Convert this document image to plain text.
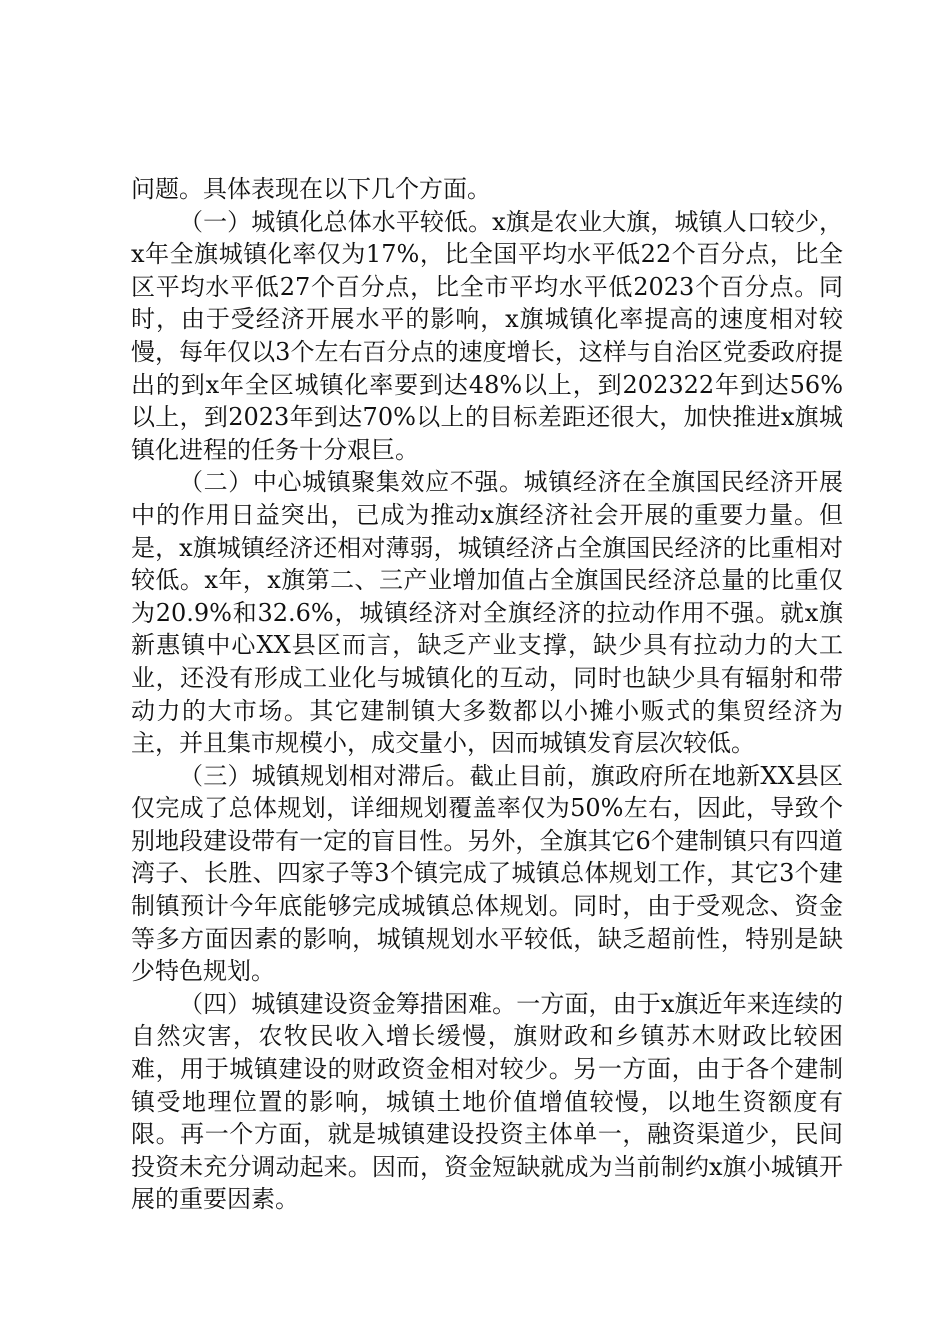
问题。具体表现在以下几个方面。

（一）城镇化总体水平较低。x旗是农业大旗，城镇人口较少，x年全旗城镇化率仅为17%，比全国平均水平低22个百分点，比全区平均水平低27个百分点，比全市平均水平低2023个百分点。同时，由于受经济开展水平的影响，x旗城镇化率提高的速度相对较慢，每年仅以3个左右百分点的速度增长，这样与自治区党委政府提出的到x年全区城镇化率要到达48%以上，到202322年到达56%以上，到2023年到达70%以上的目标差距还很大，加快推进x旗城镇化进程的任务十分艰巨。

（二）中心城镇聚集效应不强。城镇经济在全旗国民经济开展中的作用日益突出，已成为推动x旗经济社会开展的重要力量。但是，x旗城镇经济还相对薄弱，城镇经济占全旗国民经济的比重相对较低。x年，x旗第二、三产业增加值占全旗国民经济总量的比重仅为20.9%和32.6%，城镇经济对全旗经济的拉动作用不强。就x旗新惠镇中心XX县区而言，缺乏产业支撑，缺少具有拉动力的大工业，还没有形成工业化与城镇化的互动，同时也缺少具有辐射和带动力的大市场。其它建制镇大多数都以小摊小贩式的集贸经济为主，并且集市规模小，成交量小，因而城镇发育层次较低。

（三）城镇规划相对滞后。截止目前，旗政府所在地新XX县区仅完成了总体规划，详细规划覆盖率仅为50%左右，因此，导致个别地段建设带有一定的盲目性。另外，全旗其它6个建制镇只有四道湾子、长胜、四家子等3个镇完成了城镇总体规划工作，其它3个建制镇预计今年底能够完成城镇总体规划。同时，由于受观念、资金等多方面因素的影响，城镇规划水平较低，缺乏超前性，特别是缺少特色规划。

（四）城镇建设资金筹措困难。一方面，由于x旗近年来连续的自然灾害，农牧民收入增长缓慢，旗财政和乡镇苏木财政比较困难，用于城镇建设的财政资金相对较少。另一方面，由于各个建制镇受地理位置的影响，城镇土地价值增值较慢，以地生资额度有限。再一个方面，就是城镇建设投资主体单一，融资渠道少，民间投资未充分调动起来。因而，资金短缺就成为当前制约x旗小城镇开展的重要因素。
